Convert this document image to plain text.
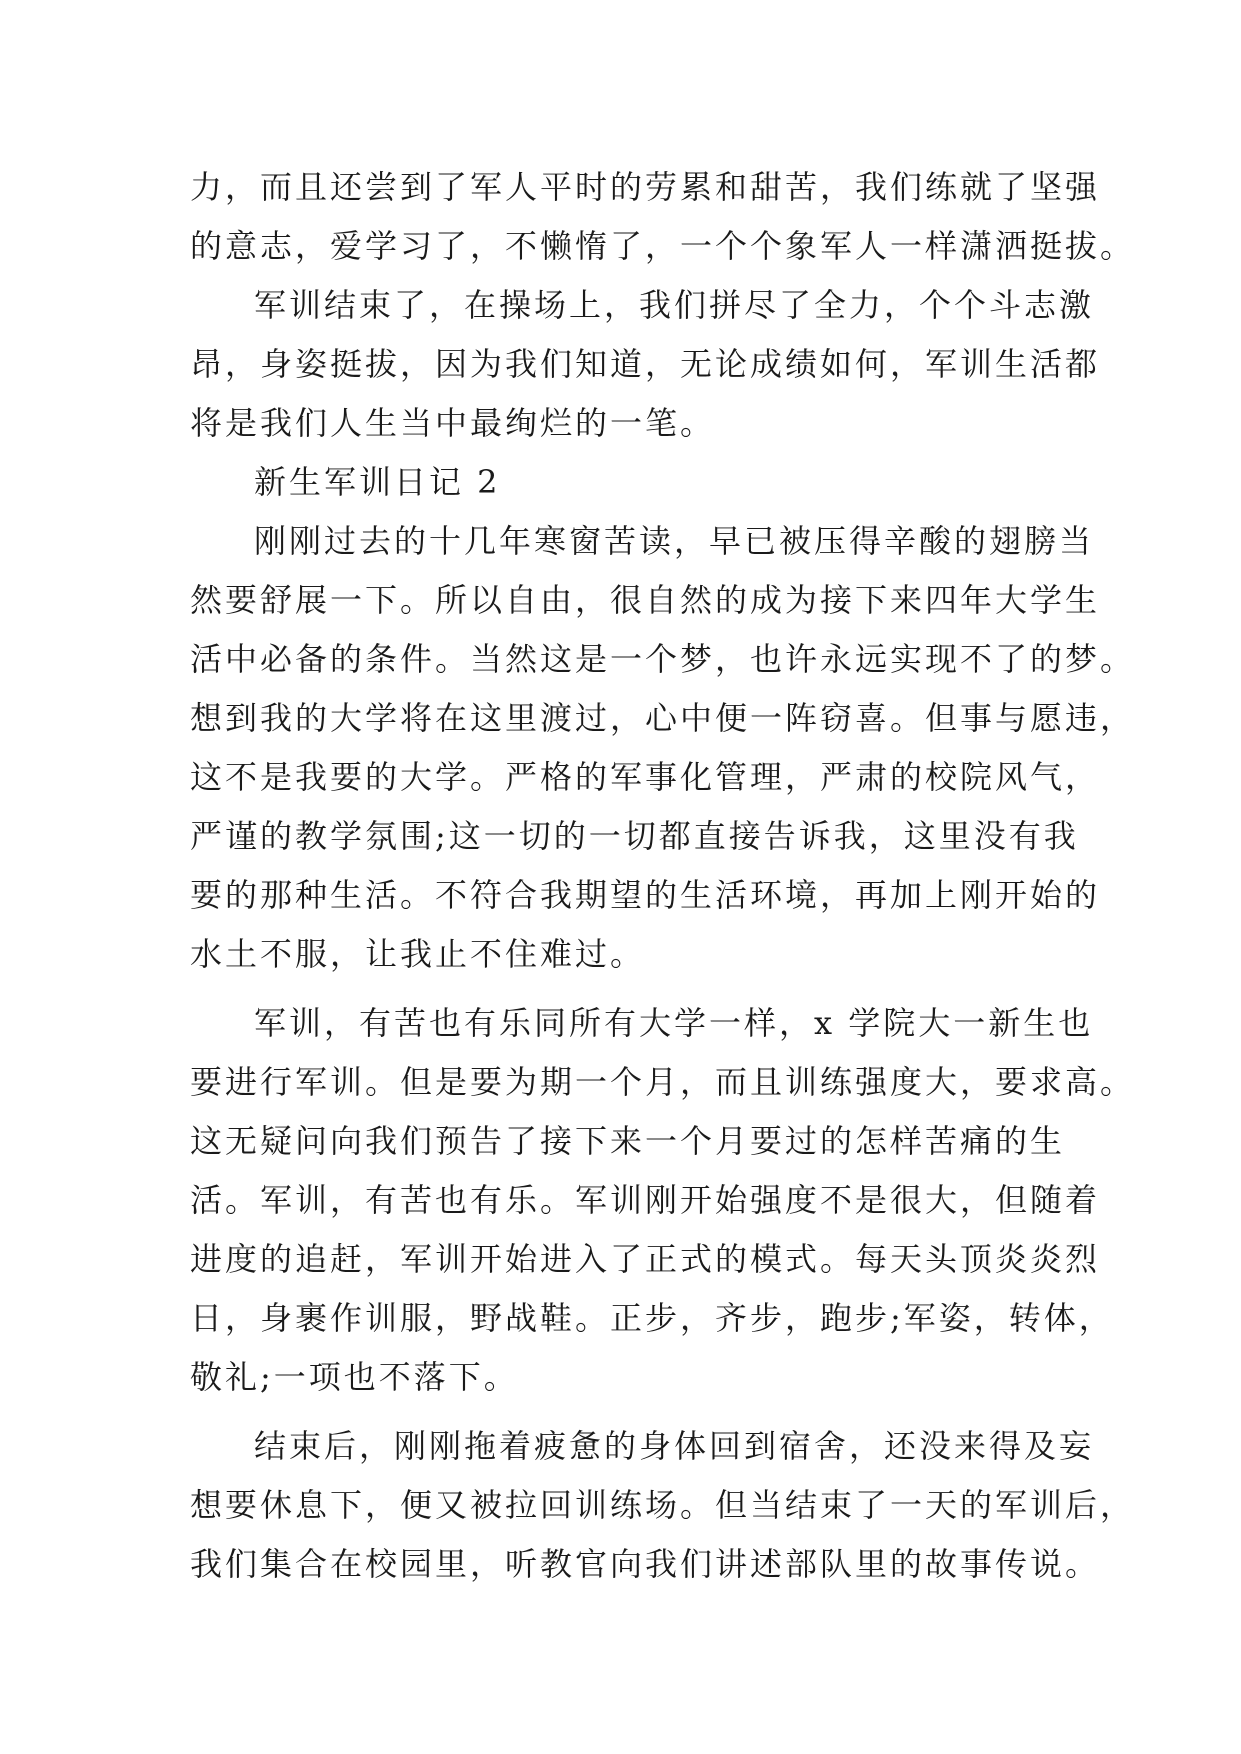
力，而且还尝到了军人平时的劳累和甜苦，我们练就了坚强
的意志，爱学习了，不懒惰了，一个个象军人一样潇洒挺拔。
军训结束了，在操场上，我们拼尽了全力，个个斗志激
昂，身姿挺拔，因为我们知道，无论成绩如何，军训生活都
将是我们人生当中最绚烂的一笔。
新生军训日记 2
刚刚过去的十几年寒窗苦读，早已被压得辛酸的翅膀当
然要舒展一下。所以自由，很自然的成为接下来四年大学生
活中必备的条件。当然这是一个梦，也许永远实现不了的梦。
想到我的大学将在这里渡过，心中便一阵窃喜。但事与愿违，
这不是我要的大学。严格的军事化管理，严肃的校院风气，
严谨的教学氛围;这一切的一切都直接告诉我，这里没有我
要的那种生活。不符合我期望的生活环境，再加上刚开始的
水土不服，让我止不住难过。
军训，有苦也有乐同所有大学一样，x 学院大一新生也
要进行军训。但是要为期一个月，而且训练强度大，要求高。
这无疑问向我们预告了接下来一个月要过的怎样苦痛的生
活。军训，有苦也有乐。军训刚开始强度不是很大，但随着
进度的追赶，军训开始进入了正式的模式。每天头顶炎炎烈
日，身裹作训服，野战鞋。正步，齐步，跑步;军姿，转体，
敬礼;一项也不落下。
结束后，刚刚拖着疲惫的身体回到宿舍，还没来得及妄
想要休息下，便又被拉回训练场。但当结束了一天的军训后，
我们集合在校园里，听教官向我们讲述部队里的故事传说。
